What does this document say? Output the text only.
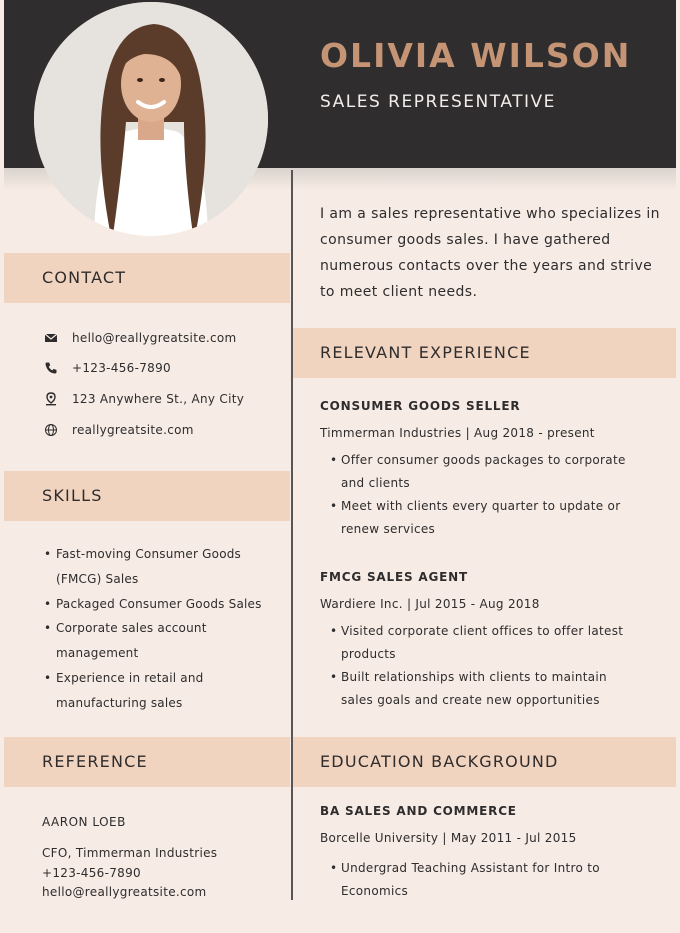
OLIVIA WILSON
SALES REPRESENTATIVE
I am a sales representative who specializes in consumer goods sales. I have gathered numerous contacts over the years and strive to meet client needs.
CONTACT
hello@reallygreatsite.com
+123-456-7890
123 Anywhere St., Any City
reallygreatsite.com
SKILLS
• Fast-moving Consumer Goods (FMCG) Sales
• Packaged Consumer Goods Sales
• Corporate sales account management
• Experience in retail and manufacturing sales
REFERENCE
AARON LOEB
CFO, Timmerman Industries
+123-456-7890
hello@reallygreatsite.com
RELEVANT EXPERIENCE
CONSUMER GOODS SELLER
Timmerman Industries | Aug 2018 - present
• Offer consumer goods packages to corporate and clients
• Meet with clients every quarter to update or renew services
FMCG SALES AGENT
Wardiere Inc. | Jul 2015 - Aug 2018
• Visited corporate client offices to offer latest products
• Built relationships with clients to maintain sales goals and create new opportunities
EDUCATION BACKGROUND
BA SALES AND COMMERCE
Borcelle University | May 2011 - Jul 2015
• Undergrad Teaching Assistant for Intro to Economics
